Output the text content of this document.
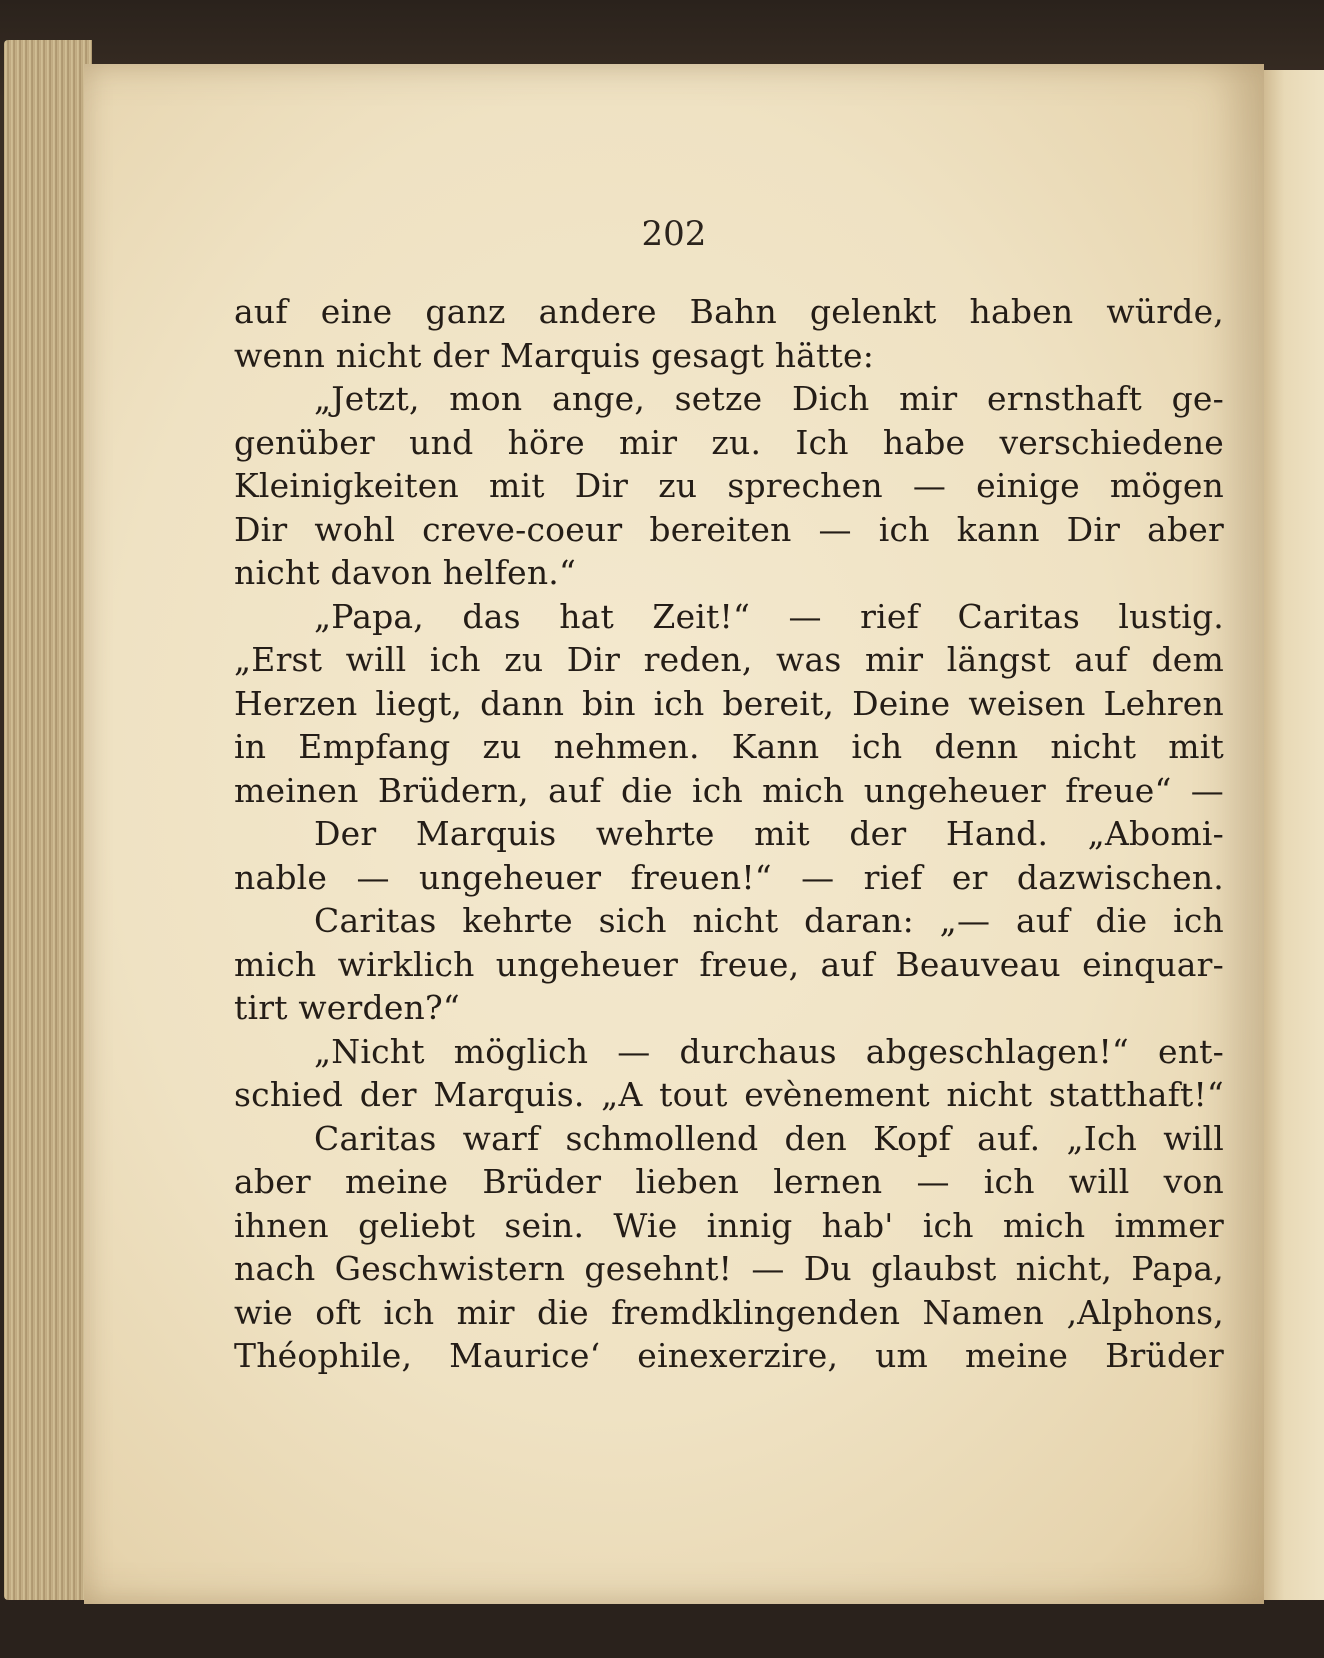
202
auf eine ganz andere Bahn gelenkt haben würde,
wenn nicht der Marquis gesagt hätte:
„Jetzt, mon ange, setze Dich mir ernsthaft ge-
genüber und höre mir zu. Ich habe verschiedene
Kleinigkeiten mit Dir zu sprechen — einige mögen
Dir wohl creve-coeur bereiten — ich kann Dir aber
nicht davon helfen.“
„Papa, das hat Zeit!“ — rief Caritas lustig.
„Erst will ich zu Dir reden, was mir längst auf dem
Herzen liegt, dann bin ich bereit, Deine weisen Lehren
in Empfang zu nehmen. Kann ich denn nicht mit
meinen Brüdern, auf die ich mich ungeheuer freue“ —
Der Marquis wehrte mit der Hand. „Abomi-
nable — ungeheuer freuen!“ — rief er dazwischen.
Caritas kehrte sich nicht daran: „— auf die ich
mich wirklich ungeheuer freue, auf Beauveau einquar-
tirt werden?“
„Nicht möglich — durchaus abgeschlagen!“ ent-
schied der Marquis. „A tout evènement nicht statthaft!“
Caritas warf schmollend den Kopf auf. „Ich will
aber meine Brüder lieben lernen — ich will von
ihnen geliebt sein. Wie innig hab' ich mich immer
nach Geschwistern gesehnt! — Du glaubst nicht, Papa,
wie oft ich mir die fremdklingenden Namen ‚Alphons,
Théophile, Maurice‘ einexerzire, um meine Brüder
